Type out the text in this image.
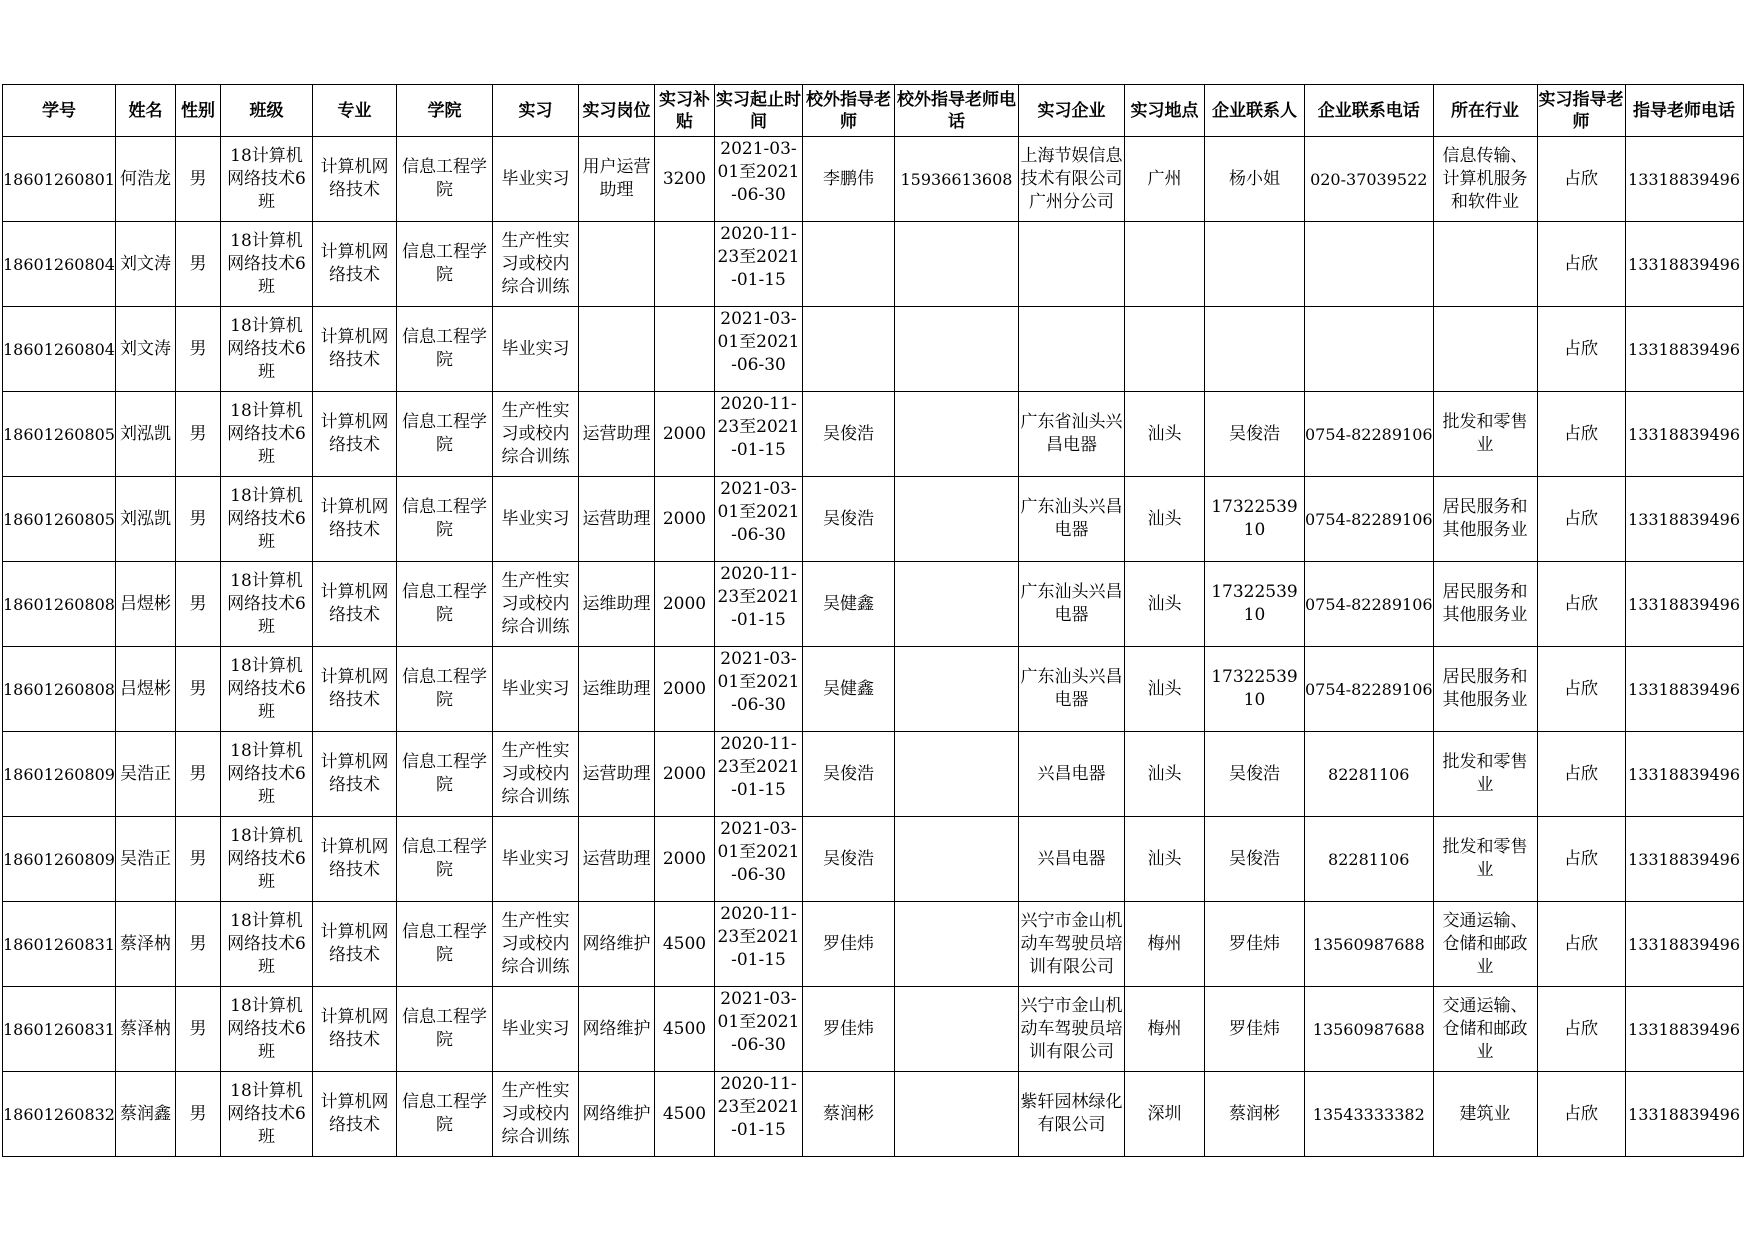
学号	姓名	性别	班级	专业	学院	实习	实习岗位	实习补贴	实习起止时间	校外指导老师	校外指导老师电话	实习企业	实习地点	企业联系人	企业联系电话	所在行业	实习指导老师	指导老师电话

18601260801	何浩龙	男	18计算机网络技术6班	计算机网络技术	信息工程学院	毕业实习	用户运营助理	3200	2021-03-01至2021-06-30	李鹏伟	15936613608	上海节娱信息技术有限公司广州分公司	广州	杨小姐	020-37039522	信息传输、计算机服务和软件业	占欣	13318839496

18601260804	刘文涛	男	18计算机网络技术6班	计算机网络技术	信息工程学院	生产性实习或校内综合训练			2020-11-23至2021-01-15								占欣	13318839496

18601260804	刘文涛	男	18计算机网络技术6班	计算机网络技术	信息工程学院	毕业实习			2021-03-01至2021-06-30								占欣	13318839496

18601260805	刘泓凯	男	18计算机网络技术6班	计算机网络技术	信息工程学院	生产性实习或校内综合训练	运营助理	2000	2020-11-23至2021-01-15	吴俊浩		广东省汕头兴昌电器	汕头	吴俊浩	0754-82289106	批发和零售业	占欣	13318839496

18601260805	刘泓凯	男	18计算机网络技术6班	计算机网络技术	信息工程学院	毕业实习	运营助理	2000	2021-03-01至2021-06-30	吴俊浩		广东汕头兴昌电器	汕头	1732253910	0754-82289106	居民服务和其他服务业	占欣	13318839496

18601260808	吕煜彬	男	18计算机网络技术6班	计算机网络技术	信息工程学院	生产性实习或校内综合训练	运维助理	2000	2020-11-23至2021-01-15	吴健鑫		广东汕头兴昌电器	汕头	1732253910	0754-82289106	居民服务和其他服务业	占欣	13318839496

18601260808	吕煜彬	男	18计算机网络技术6班	计算机网络技术	信息工程学院	毕业实习	运维助理	2000	2021-03-01至2021-06-30	吴健鑫		广东汕头兴昌电器	汕头	1732253910	0754-82289106	居民服务和其他服务业	占欣	13318839496

18601260809	吴浩正	男	18计算机网络技术6班	计算机网络技术	信息工程学院	生产性实习或校内综合训练	运营助理	2000	2020-11-23至2021-01-15	吴俊浩		兴昌电器	汕头	吴俊浩	82281106	批发和零售业	占欣	13318839496

18601260809	吴浩正	男	18计算机网络技术6班	计算机网络技术	信息工程学院	毕业实习	运营助理	2000	2021-03-01至2021-06-30	吴俊浩		兴昌电器	汕头	吴俊浩	82281106	批发和零售业	占欣	13318839496

18601260831	蔡泽枘	男	18计算机网络技术6班	计算机网络技术	信息工程学院	生产性实习或校内综合训练	网络维护	4500	2020-11-23至2021-01-15	罗佳炜		兴宁市金山机动车驾驶员培训有限公司	梅州	罗佳炜	13560987688	交通运输、仓储和邮政业	占欣	13318839496

18601260831	蔡泽枘	男	18计算机网络技术6班	计算机网络技术	信息工程学院	毕业实习	网络维护	4500	2021-03-01至2021-06-30	罗佳炜		兴宁市金山机动车驾驶员培训有限公司	梅州	罗佳炜	13560987688	交通运输、仓储和邮政业	占欣	13318839496

18601260832	蔡润鑫	男	18计算机网络技术6班	计算机网络技术	信息工程学院	生产性实习或校内综合训练	网络维护	4500	2020-11-23至2021-01-15	蔡润彬		紫轩园林绿化有限公司	深圳	蔡润彬	13543333382	建筑业	占欣	13318839496
